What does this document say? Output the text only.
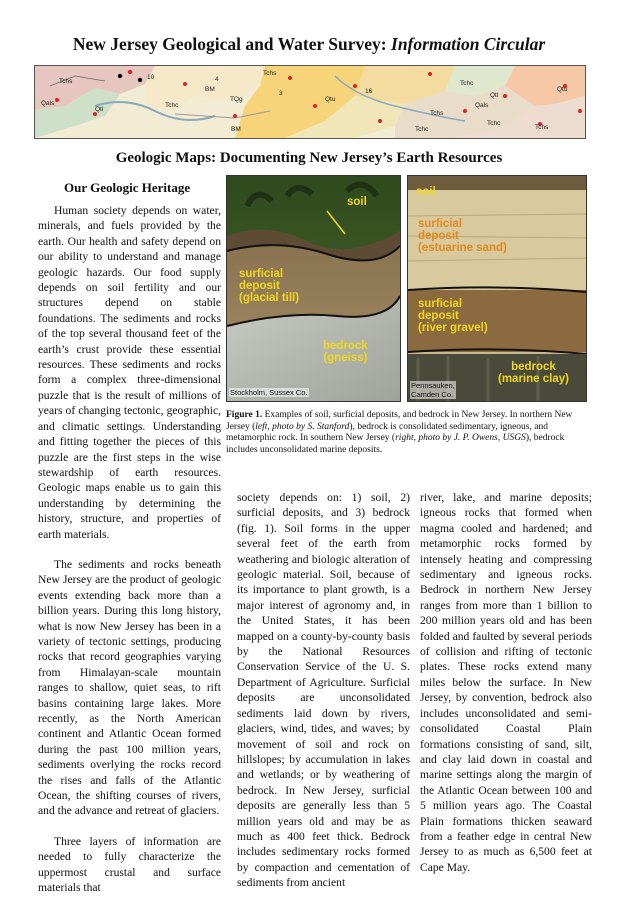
New Jersey Geological and Water Survey: Information Circular
Tchs
Qals
Qtl
Tchs
Tchc
TQg	Qtu
Tchc
Qtl
Qals
Qtu
Tchc
Tchs
Tchc
Tchs
BM
BM
10
3
4
16
Geologic Maps: Documenting New Jersey’s Earth Resources
Our Geologic Heritage

Human society depends on water, minerals, and fuels provided by the earth. Our health and safety depend on our ability to understand and manage geologic hazards. Our food supply depends on soil fertility and our structures depend on stable foundations. The sediments and rocks of the top several thousand feet of the earth’s crust provide these essential resources. These sediments and rocks form a complex three-dimensional puzzle that is the result of millions of years of changing tectonic, geographic, and climatic settings. Understanding and fitting together the pieces of this puzzle are the first steps in the wise stewardship of earth resources. Geologic maps enable us to gain this understanding by determining the history, structure, and properties of earth materials.

The sediments and rocks beneath New Jersey are the product of geologic events extending back more than a billion years. During this long history, what is now New Jersey has been in a variety of tectonic settings, producing rocks that record geographies varying from Himalayan-scale mountain ranges to shallow, quiet seas, to rift basins containing large lakes. More recently, as the North American continent and Atlantic Ocean formed during the past 100 million years, sediments overlying the rocks record the rises and falls of the Atlantic Ocean, the shifting courses of rivers, and the advance and retreat of glaciers.

Three layers of information are needed to fully characterize the uppermost crustal and surface materials that

soil
surficial
deposit
(glacial till)
bedrock
(gneiss)
Stockholm, Sussex Co.
soil
surficial
deposit
(estuarine sand)
surficial
deposit
(river gravel)
bedrock
(marine clay)
Pennsauken,
Camden Co.
Figure 1. Examples of soil, surficial deposits, and bedrock in New Jersey. In northern New Jersey (left, photo by S. Stanford), bedrock is consolidated sedimentary, igneous, and metamorphic rock. In southern New Jersey (right, photo by J. P. Owens, USGS), bedrock includes unconsolidated marine deposits.

society depends on: 1) soil, 2) surficial deposits, and 3) bedrock (fig. 1). Soil forms in the upper several feet of the earth from weathering and biologic alteration of geologic material. Soil, because of its importance to plant growth, is a major interest of agronomy and, in the United States, it has been mapped on a county-by-county basis by the National Resources Conservation Service of the U. S. Department of Agriculture. Surficial deposits are unconsolidated sediments laid down by rivers, glaciers, wind, tides, and waves; by movement of soil and rock on hillslopes; by accumulation in lakes and wetlands; or by weathering of bedrock. In New Jersey, surficial deposits are generally less than 5 million years old and may be as much as 400 feet thick. Bedrock includes sedimentary rocks formed by compaction and cementation of sediments from ancient

river, lake, and marine deposits; igneous rocks that formed when magma cooled and hardened; and metamorphic rocks formed by intensely heating and compressing sedimentary and igneous rocks. Bedrock in northern New Jersey ranges from more than 1 billion to 200 million years old and has been folded and faulted by several periods of collision and rifting of tectonic plates. These rocks extend many miles below the surface. In New Jersey, by convention, bedrock also includes unconsolidated and semi-consolidated Coastal Plain formations consisting of sand, silt, and clay laid down in coastal and marine settings along the margin of the Atlantic Ocean between 100 and 5 million years ago. The Coastal Plain formations thicken seaward from a feather edge in central New Jersey to as much as 6,500 feet at Cape May.
